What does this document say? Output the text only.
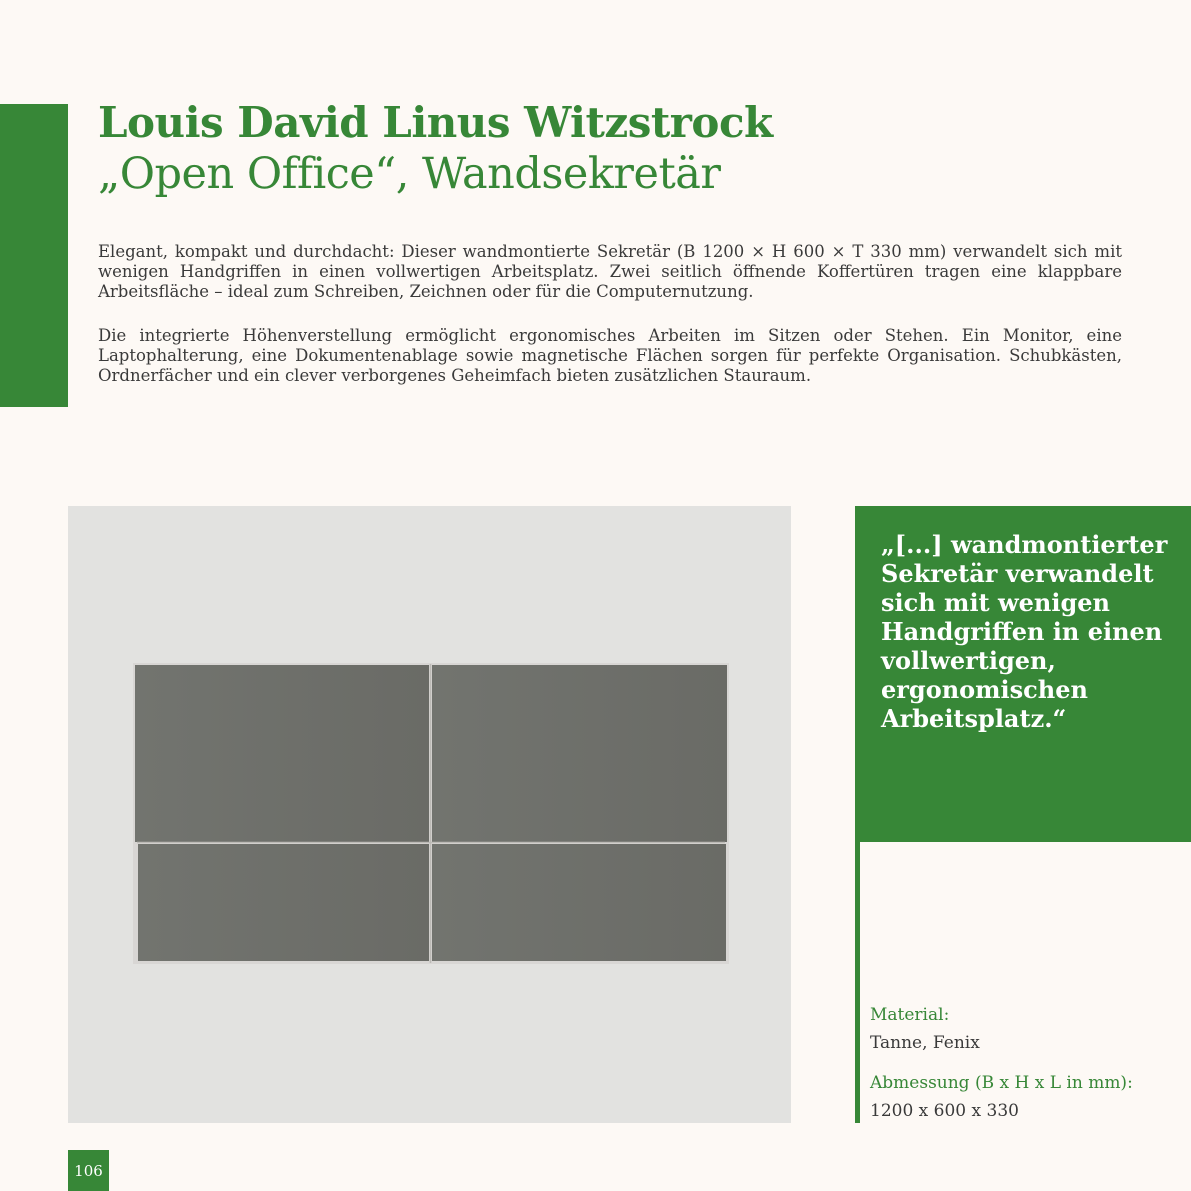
Louis David Linus Witzstrock
„Open Office“, Wandsekretär

Elegant, kompakt und durchdacht: Dieser wandmontierte Sekretär (B 1200 × H 600 × T 330 mm) verwandelt sich mit wenigen Handgriffen in einen vollwertigen Arbeitsplatz. Zwei seitlich öffnende Koffertüren tragen eine klappbare Arbeitsfläche – ideal zum Schreiben, Zeichnen oder für die Computernutzung.

Die integrierte Höhenverstellung ermöglicht ergonomisches Arbeiten im Sitzen oder Stehen. Ein Monitor, eine Laptophalterung, eine Dokumentenablage sowie magnetische Flächen sorgen für perfekte Organisation. Schubkästen, Ordnerfächer und ein clever verborgenes Geheimfach bieten zusätzlichen Stauraum.

„[...] wandmontierter Sekretär verwandelt sich mit wenigen Handgriffen in einen vollwertigen, ergonomischen Arbeitsplatz.“

Material:
Tanne, Fenix
Abmessung (B x H x L in mm):
1200 x 600 x 330
106
